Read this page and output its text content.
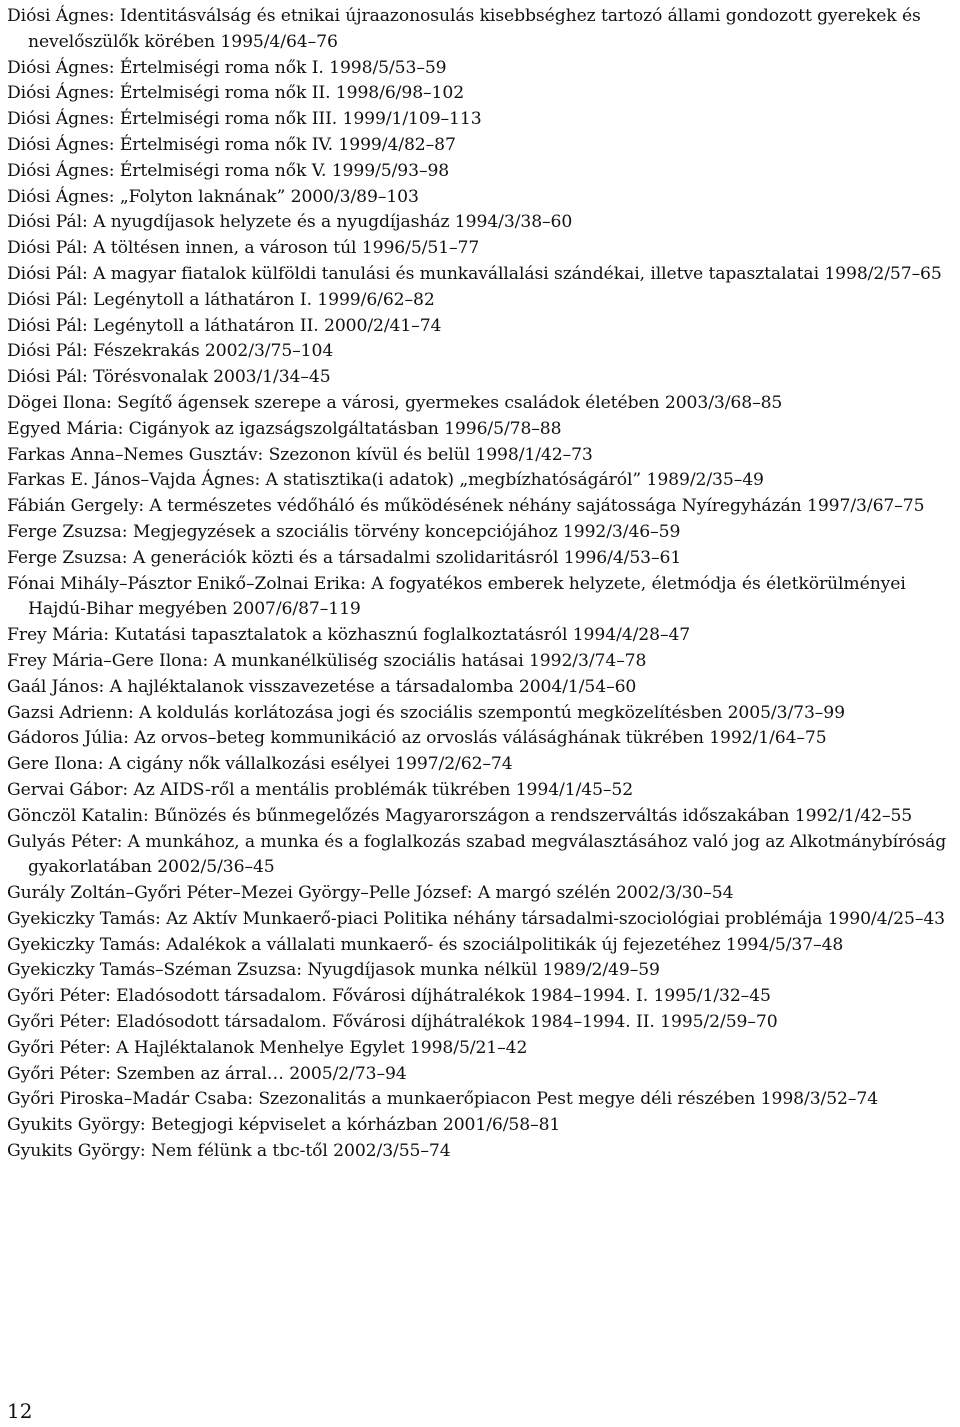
Diósi Ágnes: Identitásválság és etnikai újraazonosulás kisebbséghez tartozó állami gondozott gyerekek és nevelőszülők körében 1995/4/64–76
Diósi Ágnes: Értelmiségi roma nők I. 1998/5/53–59
Diósi Ágnes: Értelmiségi roma nők II. 1998/6/98–102
Diósi Ágnes: Értelmiségi roma nők III. 1999/1/109–113
Diósi Ágnes: Értelmiségi roma nők IV. 1999/4/82–87
Diósi Ágnes: Értelmiségi roma nők V. 1999/5/93–98
Diósi Ágnes: „Folyton laknának” 2000/3/89–103
Diósi Pál: A nyugdíjasok helyzete és a nyugdíjasház 1994/3/38–60
Diósi Pál: A töltésen innen, a városon túl 1996/5/51–77
Diósi Pál: A magyar fiatalok külföldi tanulási és munkavállalási szándékai, illetve tapasztalatai 1998/2/57–65
Diósi Pál: Legénytoll a láthatáron I. 1999/6/62–82
Diósi Pál: Legénytoll a láthatáron II. 2000/2/41–74
Diósi Pál: Fészekrakás 2002/3/75–104
Diósi Pál: Törésvonalak 2003/1/34–45
Dögei Ilona: Segítő ágensek szerepe a városi, gyermekes családok életében 2003/3/68–85
Egyed Mária: Cigányok az igazságszolgáltatásban 1996/5/78–88
Farkas Anna–Nemes Gusztáv: Szezonon kívül és belül 1998/1/42–73
Farkas E. János–Vajda Ágnes: A statisztika(i adatok) „megbízhatóságáról” 1989/2/35–49
Fábián Gergely: A természetes védőháló és működésének néhány sajátossága Nyíregyházán 1997/3/67–75
Ferge Zsuzsa: Megjegyzések a szociális törvény koncepciójához 1992/3/46–59
Ferge Zsuzsa: A generációk közti és a társadalmi szolidaritásról 1996/4/53–61
Fónai Mihály–Pásztor Enikő–Zolnai Erika: A fogyatékos emberek helyzete, életmódja és életkörülményei Hajdú-Bihar megyében 2007/6/87–119
Frey Mária: Kutatási tapasztalatok a közhasznú foglalkoztatásról 1994/4/28–47
Frey Mária–Gere Ilona: A munkanélküliség szociális hatásai 1992/3/74–78
Gaál János: A hajléktalanok visszavezetése a társadalomba 2004/1/54–60
Gazsi Adrienn: A koldulás korlátozása jogi és szociális szempontú megközelítésben 2005/3/73–99
Gádoros Júlia: Az orvos–beteg kommunikáció az orvoslás válásághának tükrében 1992/1/64–75
Gere Ilona: A cigány nők vállalkozási esélyei 1997/2/62–74
Gervai Gábor: Az AIDS-ről a mentális problémák tükrében 1994/1/45–52
Gönczöl Katalin: Bűnözés és bűnmegelőzés Magyarországon a rendszerváltás időszakában 1992/1/42–55
Gulyás Péter: A munkához, a munka és a foglalkozás szabad megválasztásához való jog az Alkotmánybíróság gyakorlatában 2002/5/36–45
Gurály Zoltán–Győri Péter–Mezei György–Pelle József: A margó szélén 2002/3/30–54
Gyekiczky Tamás: Az Aktív Munkaerő-piaci Politika néhány társadalmi-szociológiai problémája 1990/4/25–43
Gyekiczky Tamás: Adalékok a vállalati munkaerő- és szociálpolitikák új fejezetéhez 1994/5/37–48
Gyekiczky Tamás–Széman Zsuzsa: Nyugdíjasok munka nélkül 1989/2/49–59
Győri Péter: Eladósodott társadalom. Fővárosi díjhátralékok 1984–1994. I. 1995/1/32–45
Győri Péter: Eladósodott társadalom. Fővárosi díjhátralékok 1984–1994. II. 1995/2/59–70
Győri Péter: A Hajléktalanok Menhelye Egylet 1998/5/21–42
Győri Péter: Szemben az árral… 2005/2/73–94
Győri Piroska–Madár Csaba: Szezonalitás a munkaerőpiacon Pest megye déli részében 1998/3/52–74
Gyukits György: Betegjogi képviselet a kórházban 2001/6/58–81
Gyukits György: Nem félünk a tbc-től 2002/3/55–74
12
